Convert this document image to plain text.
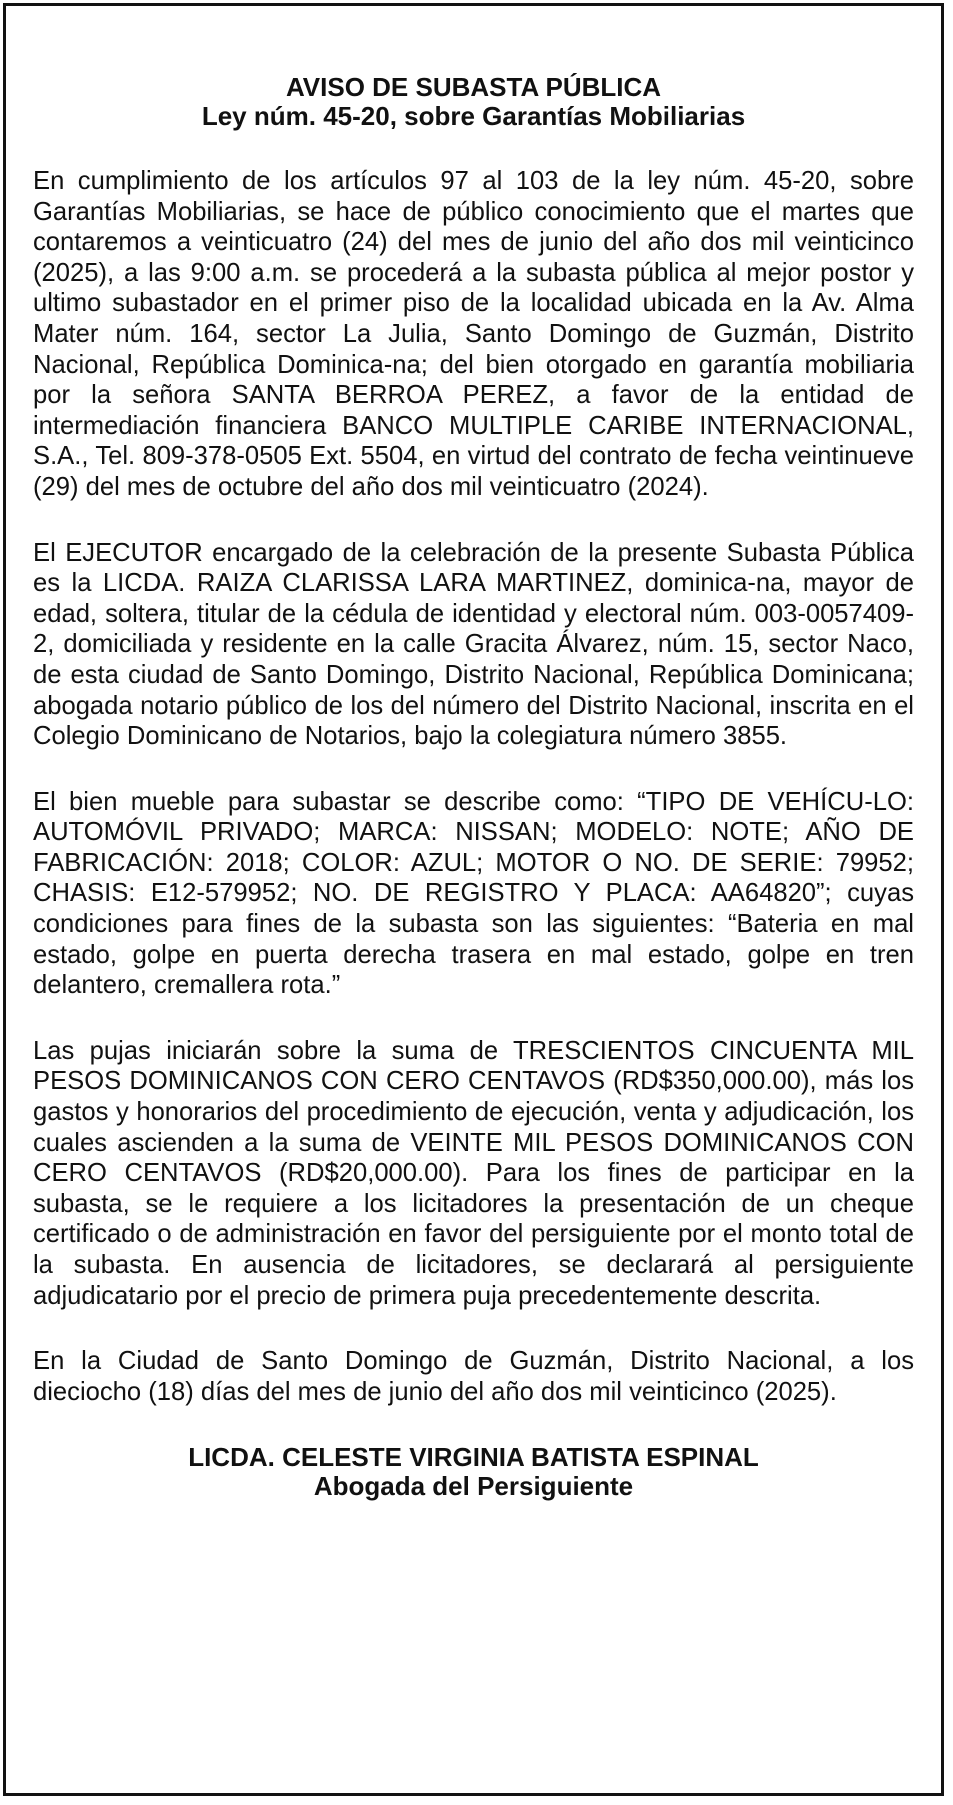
AVISO DE SUBASTA PÚBLICA
Ley núm. 45-20, sobre Garantías Mobiliarias

En cumplimiento de los artículos 97 al 103 de la ley núm. 45-20, sobre Garantías Mobiliarias, se hace de público conocimiento que el martes que contaremos a veinticuatro (24) del mes de junio del año dos mil veinticinco (2025), a las 9:00 a.m. se procederá a la subasta pública al mejor postor y ultimo subastador en el primer piso de la localidad ubicada en la Av. Alma Mater núm. 164, sector La Julia, Santo Domingo de Guzmán, Distrito Nacional, República Dominica-na; del bien otorgado en garantía mobiliaria por la señora SANTA BERROA PEREZ, a favor de la entidad de intermediación financiera BANCO MULTIPLE CARIBE INTERNACIONAL, S.A., Tel. 809-378-0505 Ext. 5504, en virtud del contrato de fecha veintinueve (29) del mes de octubre del año dos mil veinticuatro (2024).

El EJECUTOR encargado de la celebración de la presente Subasta Pública es la LICDA. RAIZA CLARISSA LARA MARTINEZ, dominica-na, mayor de edad, soltera, titular de la cédula de identidad y electoral núm. 003-0057409-2, domiciliada y residente en la calle Gracita Álvarez, núm. 15, sector Naco, de esta ciudad de Santo Domingo, Distrito Nacional, República Dominicana; abogada notario público de los del número del Distrito Nacional, inscrita en el Colegio Dominicano de Notarios, bajo la colegiatura número 3855.

El bien mueble para subastar se describe como: “TIPO DE VEHÍCU-LO: AUTOMÓVIL PRIVADO; MARCA: NISSAN; MODELO: NOTE; AÑO DE FABRICACIÓN: 2018; COLOR: AZUL; MOTOR O NO. DE SERIE: 79952; CHASIS: E12-579952; NO. DE REGISTRO Y PLACA: AA64820”; cuyas condiciones para fines de la subasta son las siguientes: “Bateria en mal estado, golpe en puerta derecha trasera en mal estado, golpe en tren delantero, cremallera rota.”

Las pujas iniciarán sobre la suma de TRESCIENTOS CINCUENTA MIL PESOS DOMINICANOS CON CERO CENTAVOS (RD$350,000.00), más los gastos y honorarios del procedimiento de ejecución, venta y adjudicación, los cuales ascienden a la suma de VEINTE MIL PESOS DOMINICANOS CON CERO CENTAVOS (RD$20,000.00). Para los fines de participar en la subasta, se le requiere a los licitadores la presentación de un cheque certificado o de administración en favor del persiguiente por el monto total de la subasta. En ausencia de licitadores, se declarará al persiguiente adjudicatario por el precio de primera puja precedentemente descrita.

En la Ciudad de Santo Domingo de Guzmán, Distrito Nacional, a los dieciocho (18) días del mes de junio del año dos mil veinticinco (2025).

LICDA. CELESTE VIRGINIA BATISTA ESPINAL
Abogada del Persiguiente
